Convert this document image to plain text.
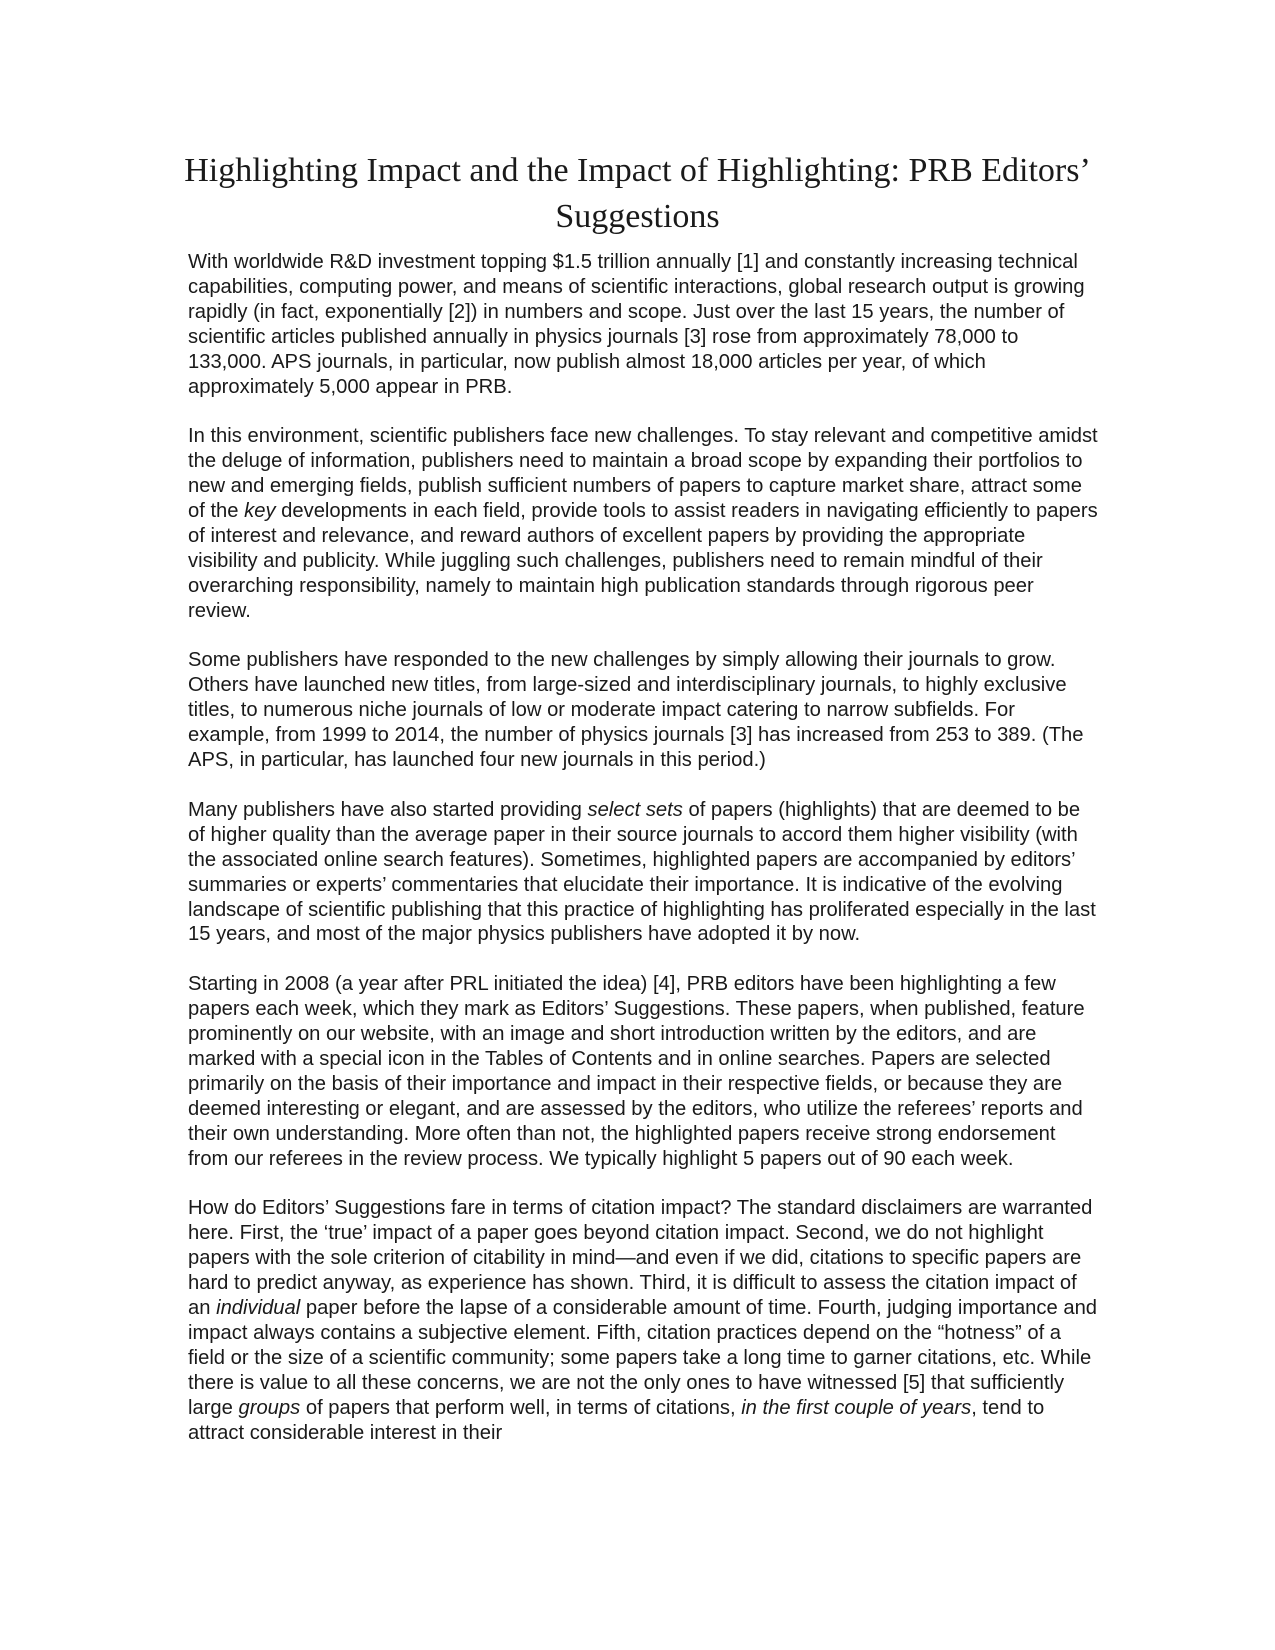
Highlighting Impact and the Impact of Highlighting: PRB Editors’ Suggestions

With worldwide R&D investment topping $1.5 trillion annually [1] and constantly increasing technical capabilities, computing power, and means of scientific interactions, global research output is growing rapidly (in fact, exponentially [2]) in numbers and scope. Just over the last 15 years, the number of scientific articles published annually in physics journals [3] rose from approximately 78,000 to 133,000. APS journals, in particular, now publish almost 18,000 articles per year, of which approximately 5,000 appear in PRB.

In this environment, scientific publishers face new challenges. To stay relevant and competitive amidst the deluge of information, publishers need to maintain a broad scope by expanding their portfolios to new and emerging fields, publish sufficient numbers of papers to capture market share, attract some of the key developments in each field, provide tools to assist readers in navigating efficiently to papers of interest and relevance, and reward authors of excellent papers by providing the appropriate visibility and publicity. While juggling such challenges, publishers need to remain mindful of their overarching responsibility, namely to maintain high publication standards through rigorous peer review.

Some publishers have responded to the new challenges by simply allowing their journals to grow. Others have launched new titles, from large-sized and interdisciplinary journals, to highly exclusive titles, to numerous niche journals of low or moderate impact catering to narrow subfields. For example, from 1999 to 2014, the number of physics journals [3] has increased from 253 to 389. (The APS, in particular, has launched four new journals in this period.)

Many publishers have also started providing select sets of papers (highlights) that are deemed to be of higher quality than the average paper in their source journals to accord them higher visibility (with the associated online search features). Sometimes, highlighted papers are accompanied by editors’ summaries or experts’ commentaries that elucidate their importance. It is indicative of the evolving landscape of scientific publishing that this practice of highlighting has proliferated especially in the last 15 years, and most of the major physics publishers have adopted it by now.

Starting in 2008 (a year after PRL initiated the idea) [4], PRB editors have been highlighting a few papers each week, which they mark as Editors’ Suggestions. These papers, when published, feature prominently on our website, with an image and short introduction written by the editors, and are marked with a special icon in the Tables of Contents and in online searches. Papers are selected primarily on the basis of their importance and impact in their respective fields, or because they are deemed interesting or elegant, and are assessed by the editors, who utilize the referees’ reports and their own understanding. More often than not, the highlighted papers receive strong endorsement from our referees in the review process. We typically highlight 5 papers out of 90 each week.

How do Editors’ Suggestions fare in terms of citation impact? The standard disclaimers are warranted here. First, the ‘true’ impact of a paper goes beyond citation impact. Second, we do not highlight papers with the sole criterion of citability in mind—and even if we did, citations to specific papers are hard to predict anyway, as experience has shown. Third, it is difficult to assess the citation impact of an individual paper before the lapse of a considerable amount of time. Fourth, judging importance and impact always contains a subjective element. Fifth, citation practices depend on the “hotness” of a field or the size of a scientific community; some papers take a long time to garner citations, etc. While there is value to all these concerns, we are not the only ones to have witnessed [5] that sufficiently large groups of papers that perform well, in terms of citations, in the first couple of years, tend to attract considerable interest in their
